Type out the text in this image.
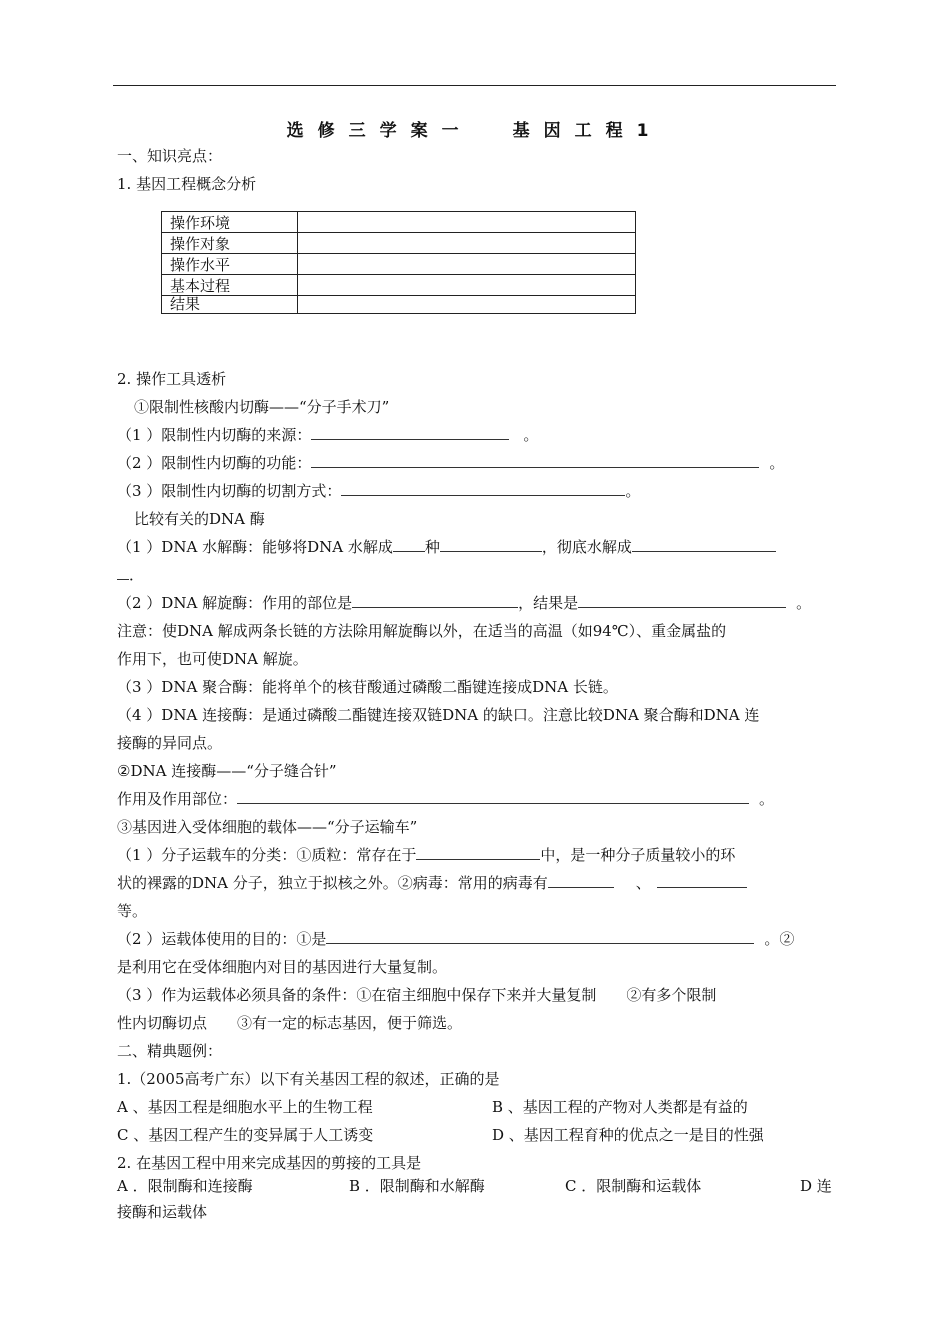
选修三学案一 基因工程1
一、知识亮点：
1. 基因工程概念分析
操作环境	
操作对象	
操作水平	
基本过程	
结果	
2. 操作工具透析
①限制性核酸内切酶——“分子手术刀”
（1 ）限制性内切酶的来源：	。
（2 ）限制性内切酶的功能：	。
（3 ）限制性内切酶的切割方式：	。
比较有关的DNA 酶
（1 ）DNA 水解酶：能够将DNA 水解成 种	，彻底水解成
．
（2 ）DNA 解旋酶：作用的部位是	，结果是	。
注意：使DNA 解成两条长链的方法除用解旋酶以外，在适当的高温（如94℃）、重金属盐的
作用下，也可使DNA 解旋。
（3 ）DNA 聚合酶：能将单个的核苷酸通过磷酸二酯键连接成DNA 长链。
（4 ）DNA 连接酶：是通过磷酸二酯键连接双链DNA 的缺口。注意比较DNA 聚合酶和DNA 连
接酶的异同点。
②DNA 连接酶——“分子缝合针”
作用及作用部位：	。
③基因进入受体细胞的载体——“分子运输车”
（1 ）分子运载车的分类：①质粒：常存在于	中，是一种分子质量较小的环
状的裸露的DNA 分子，独立于拟核之外。②病毒：常用的病毒有	、
等。
（2 ）运载体使用的目的：①是	。②
是利用它在受体细胞内对目的基因进行大量复制。
（3 ）作为运载体必须具备的条件：①在宿主细胞中保存下来并大量复制　　②有多个限制
性内切酶切点　　③有一定的标志基因，便于筛选。
二、精典题例：
1.（2005高考广东）以下有关基因工程的叙述，正确的是
A 、基因工程是细胞水平上的生物工程	B 、基因工程的产物对人类都是有益的
C 、基因工程产生的变异属于人工诱变	D 、基因工程育种的优点之一是目的性强
2. 在基因工程中用来完成基因的剪接的工具是
A ．限制酶和连接酶	B ．限制酶和水解酶	C ．限制酶和运载体	D 连
接酶和运载体
